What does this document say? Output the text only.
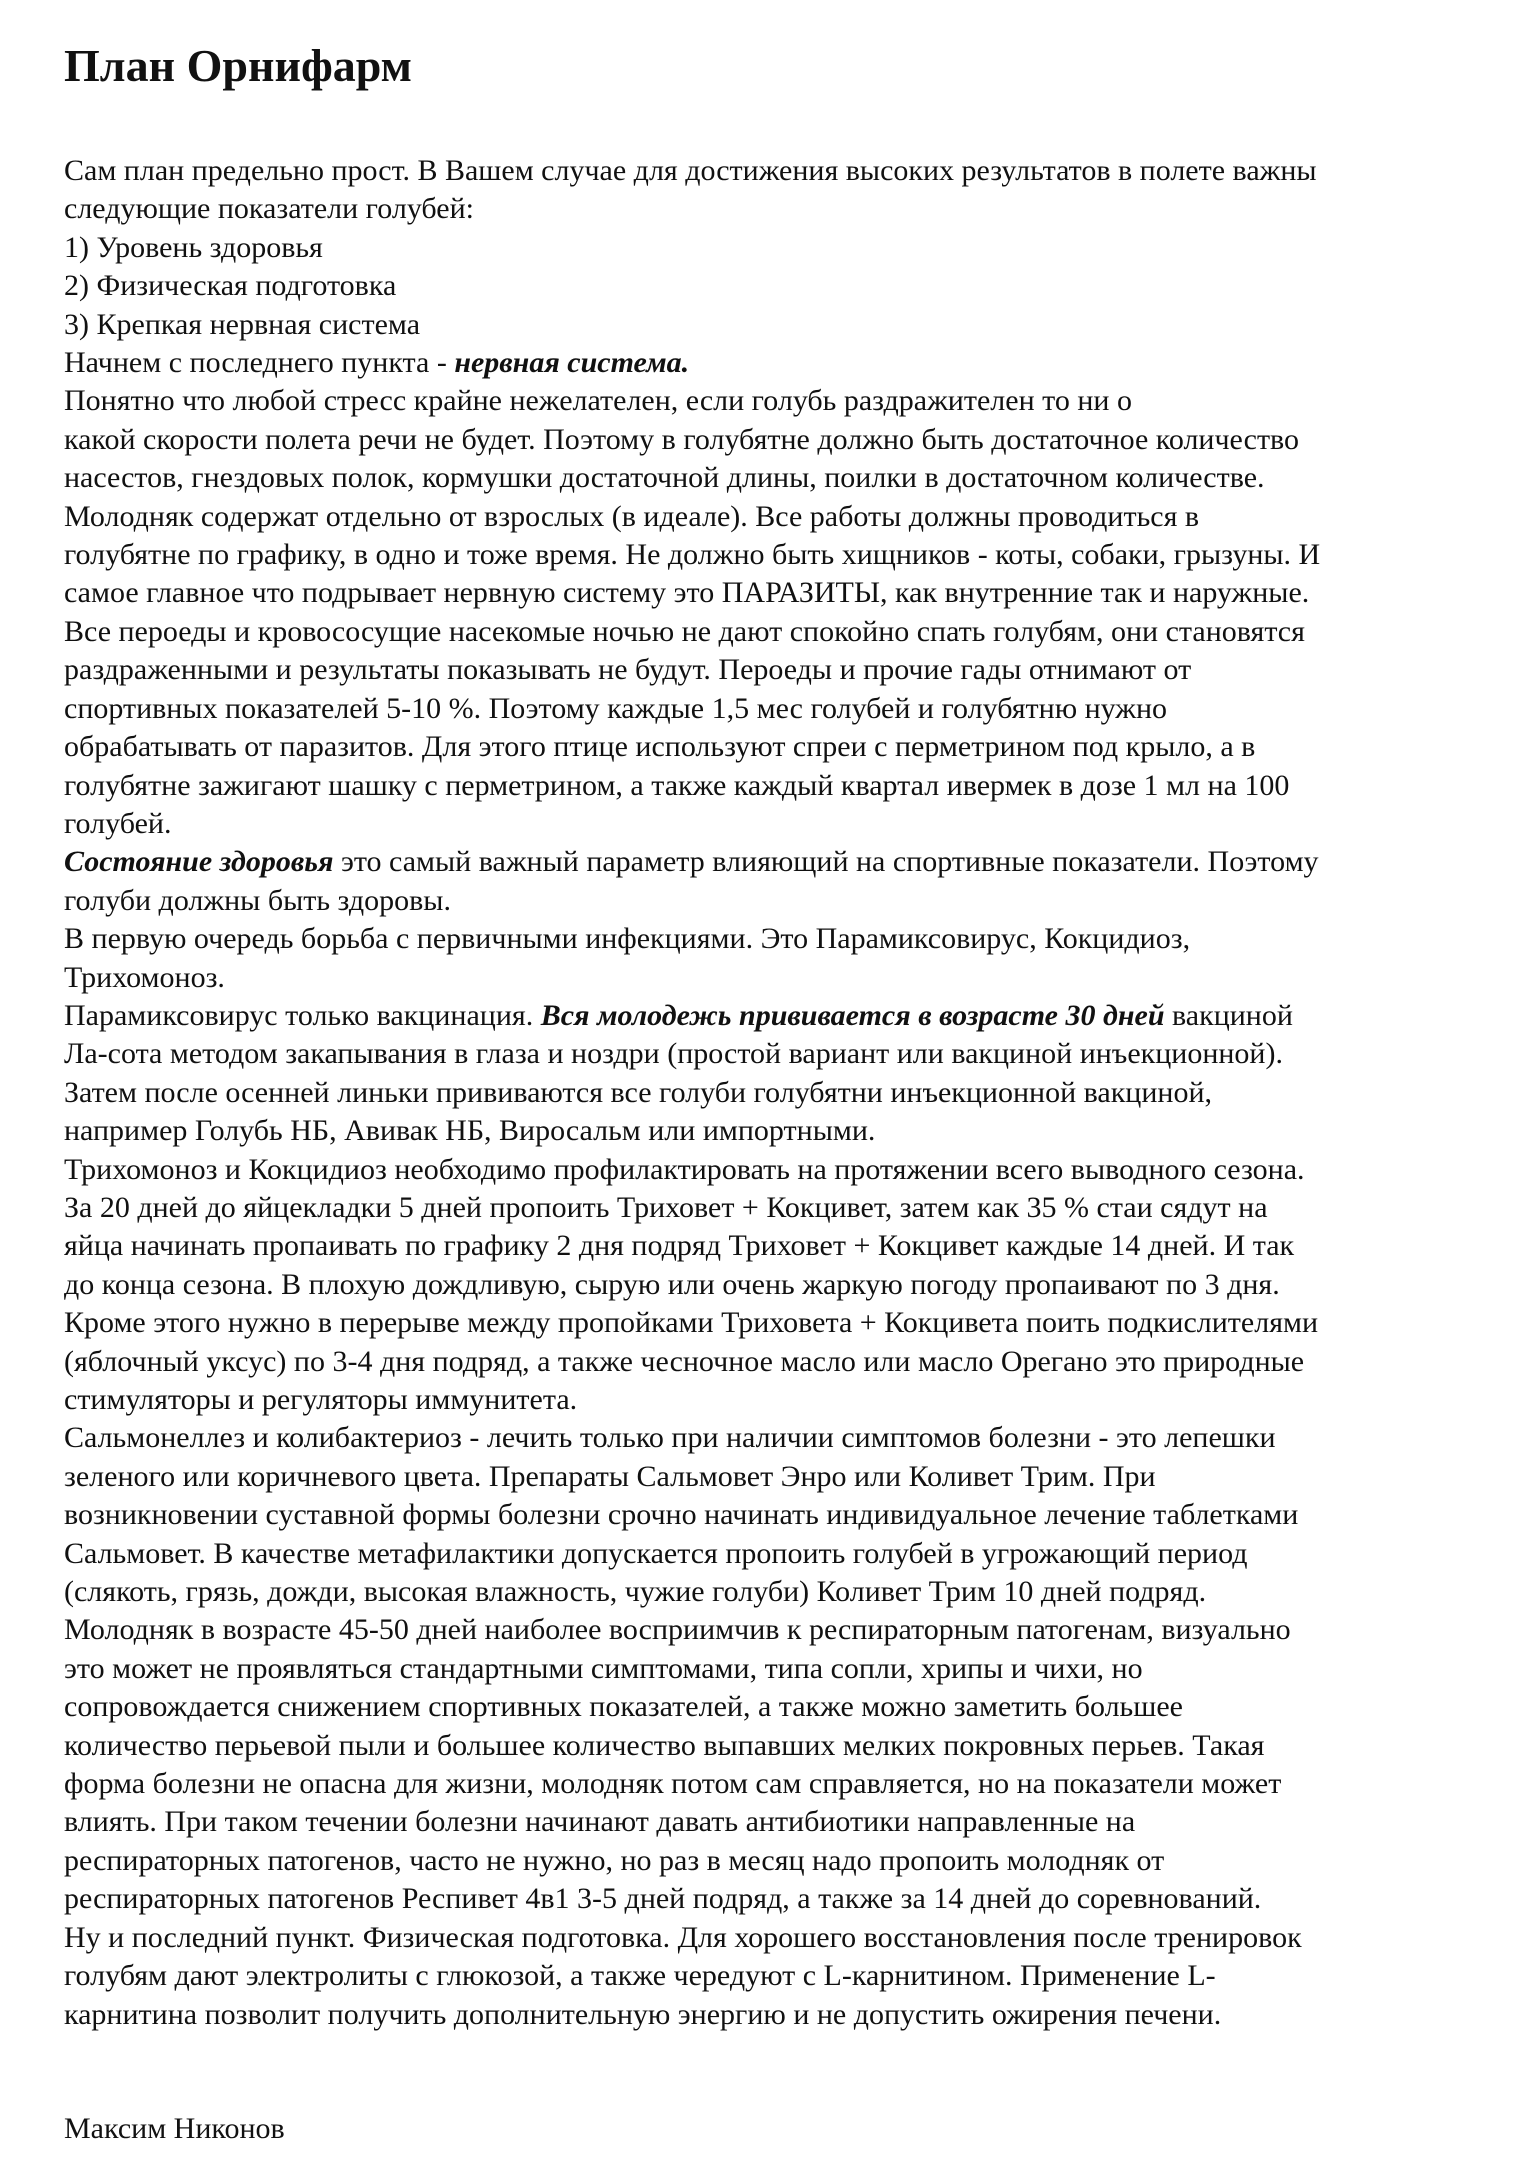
План Орнифарм
Сам план предельно прост. В Вашем случае для достижения высоких результатов в полете важны
следующие показатели голубей:
1) Уровень здоровья
2) Физическая подготовка
3) Крепкая нервная система
Начнем с последнего пункта - нервная система.
Понятно что любой стресс крайне нежелателен, если голубь раздражителен то ни о
какой скорости полета речи не будет. Поэтому в голубятне должно быть достаточное количество
насестов, гнездовых полок, кормушки достаточной длины, поилки в достаточном количестве.
Молодняк содержат отдельно от взрослых (в идеале). Все работы должны проводиться в
голубятне по графику, в одно и тоже время. Не должно быть хищников - коты, собаки, грызуны. И
самое главное что подрывает нервную систему это ПАРАЗИТЫ, как внутренние так и наружные.
Все пероеды и кровососущие насекомые ночью не дают спокойно спать голубям, они становятся
раздраженными и результаты показывать не будут. Пероеды и прочие гады отнимают от
спортивных показателей 5-10 %. Поэтому каждые 1,5 мес голубей и голубятню нужно
обрабатывать от паразитов. Для этого птице используют спреи с перметрином под крыло, а в
голубятне зажигают шашку с перметрином, а также каждый квартал ивермек в дозе 1 мл на 100
голубей.
Состояние здоровья это самый важный параметр влияющий на спортивные показатели. Поэтому
голуби должны быть здоровы.
В первую очередь борьба с первичными инфекциями. Это Парамиксовирус, Кокцидиоз,
Трихомоноз.
Парамиксовирус только вакцинация. Вся молодежь прививается в возрасте 30 дней вакциной
Ла-сота методом закапывания в глаза и ноздри (простой вариант или вакциной инъекционной).
Затем после осенней линьки прививаются все голуби голубятни инъекционной вакциной,
например Голубь НБ, Авивак НБ, Виросальм или импортными.
Трихомоноз и Кокцидиоз необходимо профилактировать на протяжении всего выводного сезона.
За 20 дней до яйцекладки 5 дней пропоить Триховет + Кокцивет, затем как 35 % стаи сядут на
яйца начинать пропаивать по графику 2 дня подряд Триховет + Кокцивет каждые 14 дней. И так
до конца сезона. В плохую дождливую, сырую или очень жаркую погоду пропаивают по 3 дня.
Кроме этого нужно в перерыве между пропойками Триховета + Кокцивета поить подкислителями
(яблочный уксус) по 3-4 дня подряд, а также чесночное масло или масло Орегано это природные
стимуляторы и регуляторы иммунитета.
Сальмонеллез и колибактериоз - лечить только при наличии симптомов болезни - это лепешки
зеленого или коричневого цвета. Препараты Сальмовет Энро или Коливет Трим. При
возникновении суставной формы болезни срочно начинать индивидуальное лечение таблетками
Сальмовет. В качестве метафилактики допускается пропоить голубей в угрожающий период
(слякоть, грязь, дожди, высокая влажность, чужие голуби) Коливет Трим 10 дней подряд.
Молодняк в возрасте 45-50 дней наиболее восприимчив к респираторным патогенам, визуально
это может не проявляться стандартными симптомами, типа сопли, хрипы и чихи, но
сопровождается снижением спортивных показателей, а также можно заметить большее
количество перьевой пыли и большее количество выпавших мелких покровных перьев. Такая
форма болезни не опасна для жизни, молодняк потом сам справляется, но на показатели может
влиять. При таком течении болезни начинают давать антибиотики направленные на
респираторных патогенов, часто не нужно, но раз в месяц надо пропоить молодняк от
респираторных патогенов Респивет 4в1 3-5 дней подряд, а также за 14 дней до соревнований.
Ну и последний пункт. Физическая подготовка. Для хорошего восстановления после тренировок
голубям дают электролиты с глюкозой, а также чередуют с L-карнитином. Применение L-
карнитина позволит получить дополнительную энергию и не допустить ожирения печени.
Максим Никонов
